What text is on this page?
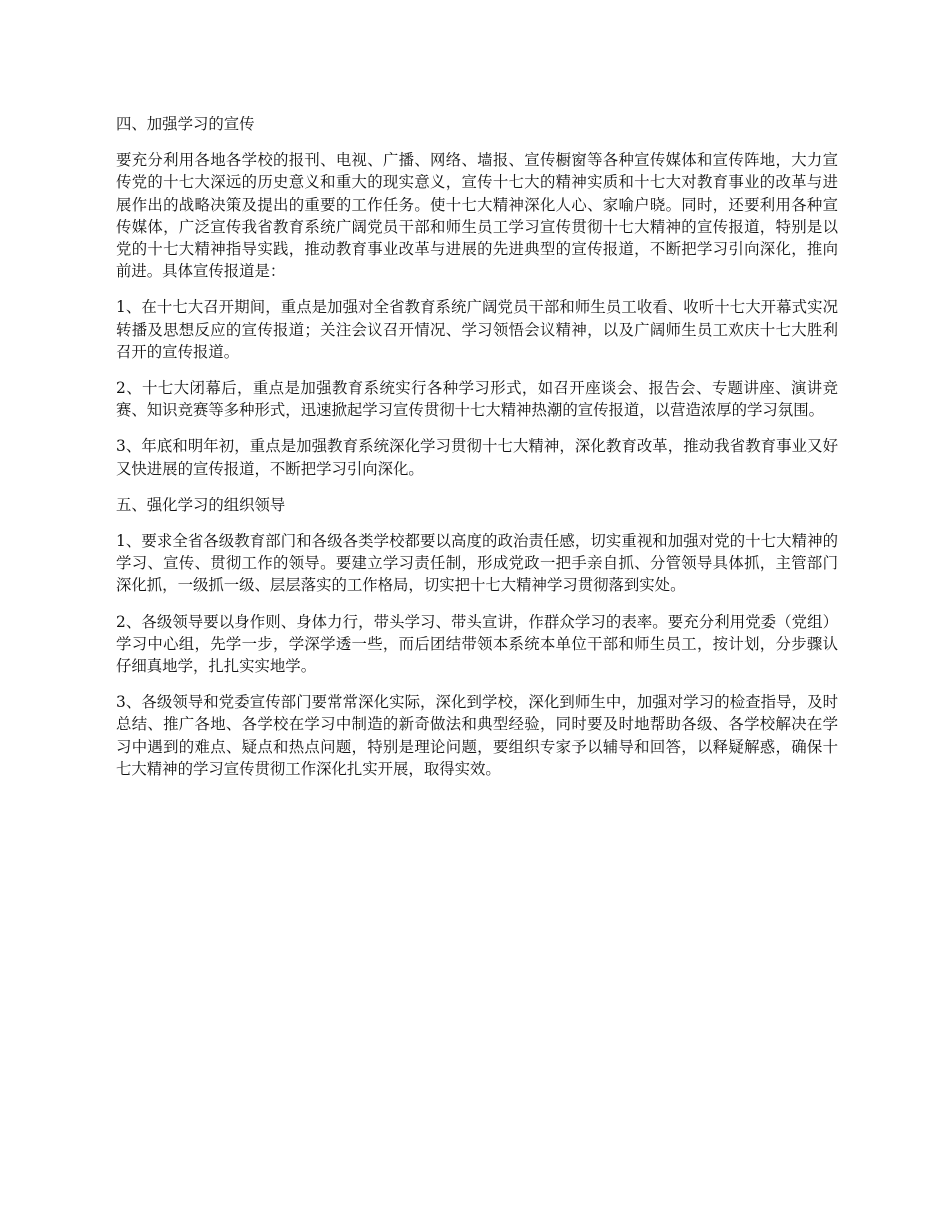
四、加强学习的宣传

要充分利用各地各学校的报刊、电视、广播、网络、墙报、宣传橱窗等各种宣传媒体和宣传阵地，大力宣传党的十七大深远的历史意义和重大的现实意义，宣传十七大的精神实质和十七大对教育事业的改革与进展作出的战略决策及提出的重要的工作任务。使十七大精神深化人心、家喻户晓。同时，还要利用各种宣传媒体，广泛宣传我省教育系统广阔党员干部和师生员工学习宣传贯彻十七大精神的宣传报道，特别是以党的十七大精神指导实践，推动教育事业改革与进展的先进典型的宣传报道，不断把学习引向深化，推向前进。具体宣传报道是：

1、在十七大召开期间，重点是加强对全省教育系统广阔党员干部和师生员工收看、收听十七大开幕式实况转播及思想反应的宣传报道；关注会议召开情况、学习领悟会议精神，以及广阔师生员工欢庆十七大胜利召开的宣传报道。

2、十七大闭幕后，重点是加强教育系统实行各种学习形式，如召开座谈会、报告会、专题讲座、演讲竞赛、知识竞赛等多种形式，迅速掀起学习宣传贯彻十七大精神热潮的宣传报道，以营造浓厚的学习氛围。

3、年底和明年初，重点是加强教育系统深化学习贯彻十七大精神，深化教育改革，推动我省教育事业又好又快进展的宣传报道，不断把学习引向深化。

五、强化学习的组织领导

1、要求全省各级教育部门和各级各类学校都要以高度的政治责任感，切实重视和加强对党的十七大精神的学习、宣传、贯彻工作的领导。要建立学习责任制，形成党政一把手亲自抓、分管领导具体抓，主管部门深化抓，一级抓一级、层层落实的工作格局，切实把十七大精神学习贯彻落到实处。

2、各级领导要以身作则、身体力行，带头学习、带头宣讲，作群众学习的表率。要充分利用党委（党组）学习中心组，先学一步，学深学透一些，而后团结带领本系统本单位干部和师生员工，按计划，分步骤认仔细真地学，扎扎实实地学。

3、各级领导和党委宣传部门要常常深化实际，深化到学校，深化到师生中，加强对学习的检查指导，及时总结、推广各地、各学校在学习中制造的新奇做法和典型经验，同时要及时地帮助各级、各学校解决在学习中遇到的难点、疑点和热点问题，特别是理论问题，要组织专家予以辅导和回答，以释疑解惑，确保十七大精神的学习宣传贯彻工作深化扎实开展，取得实效。
